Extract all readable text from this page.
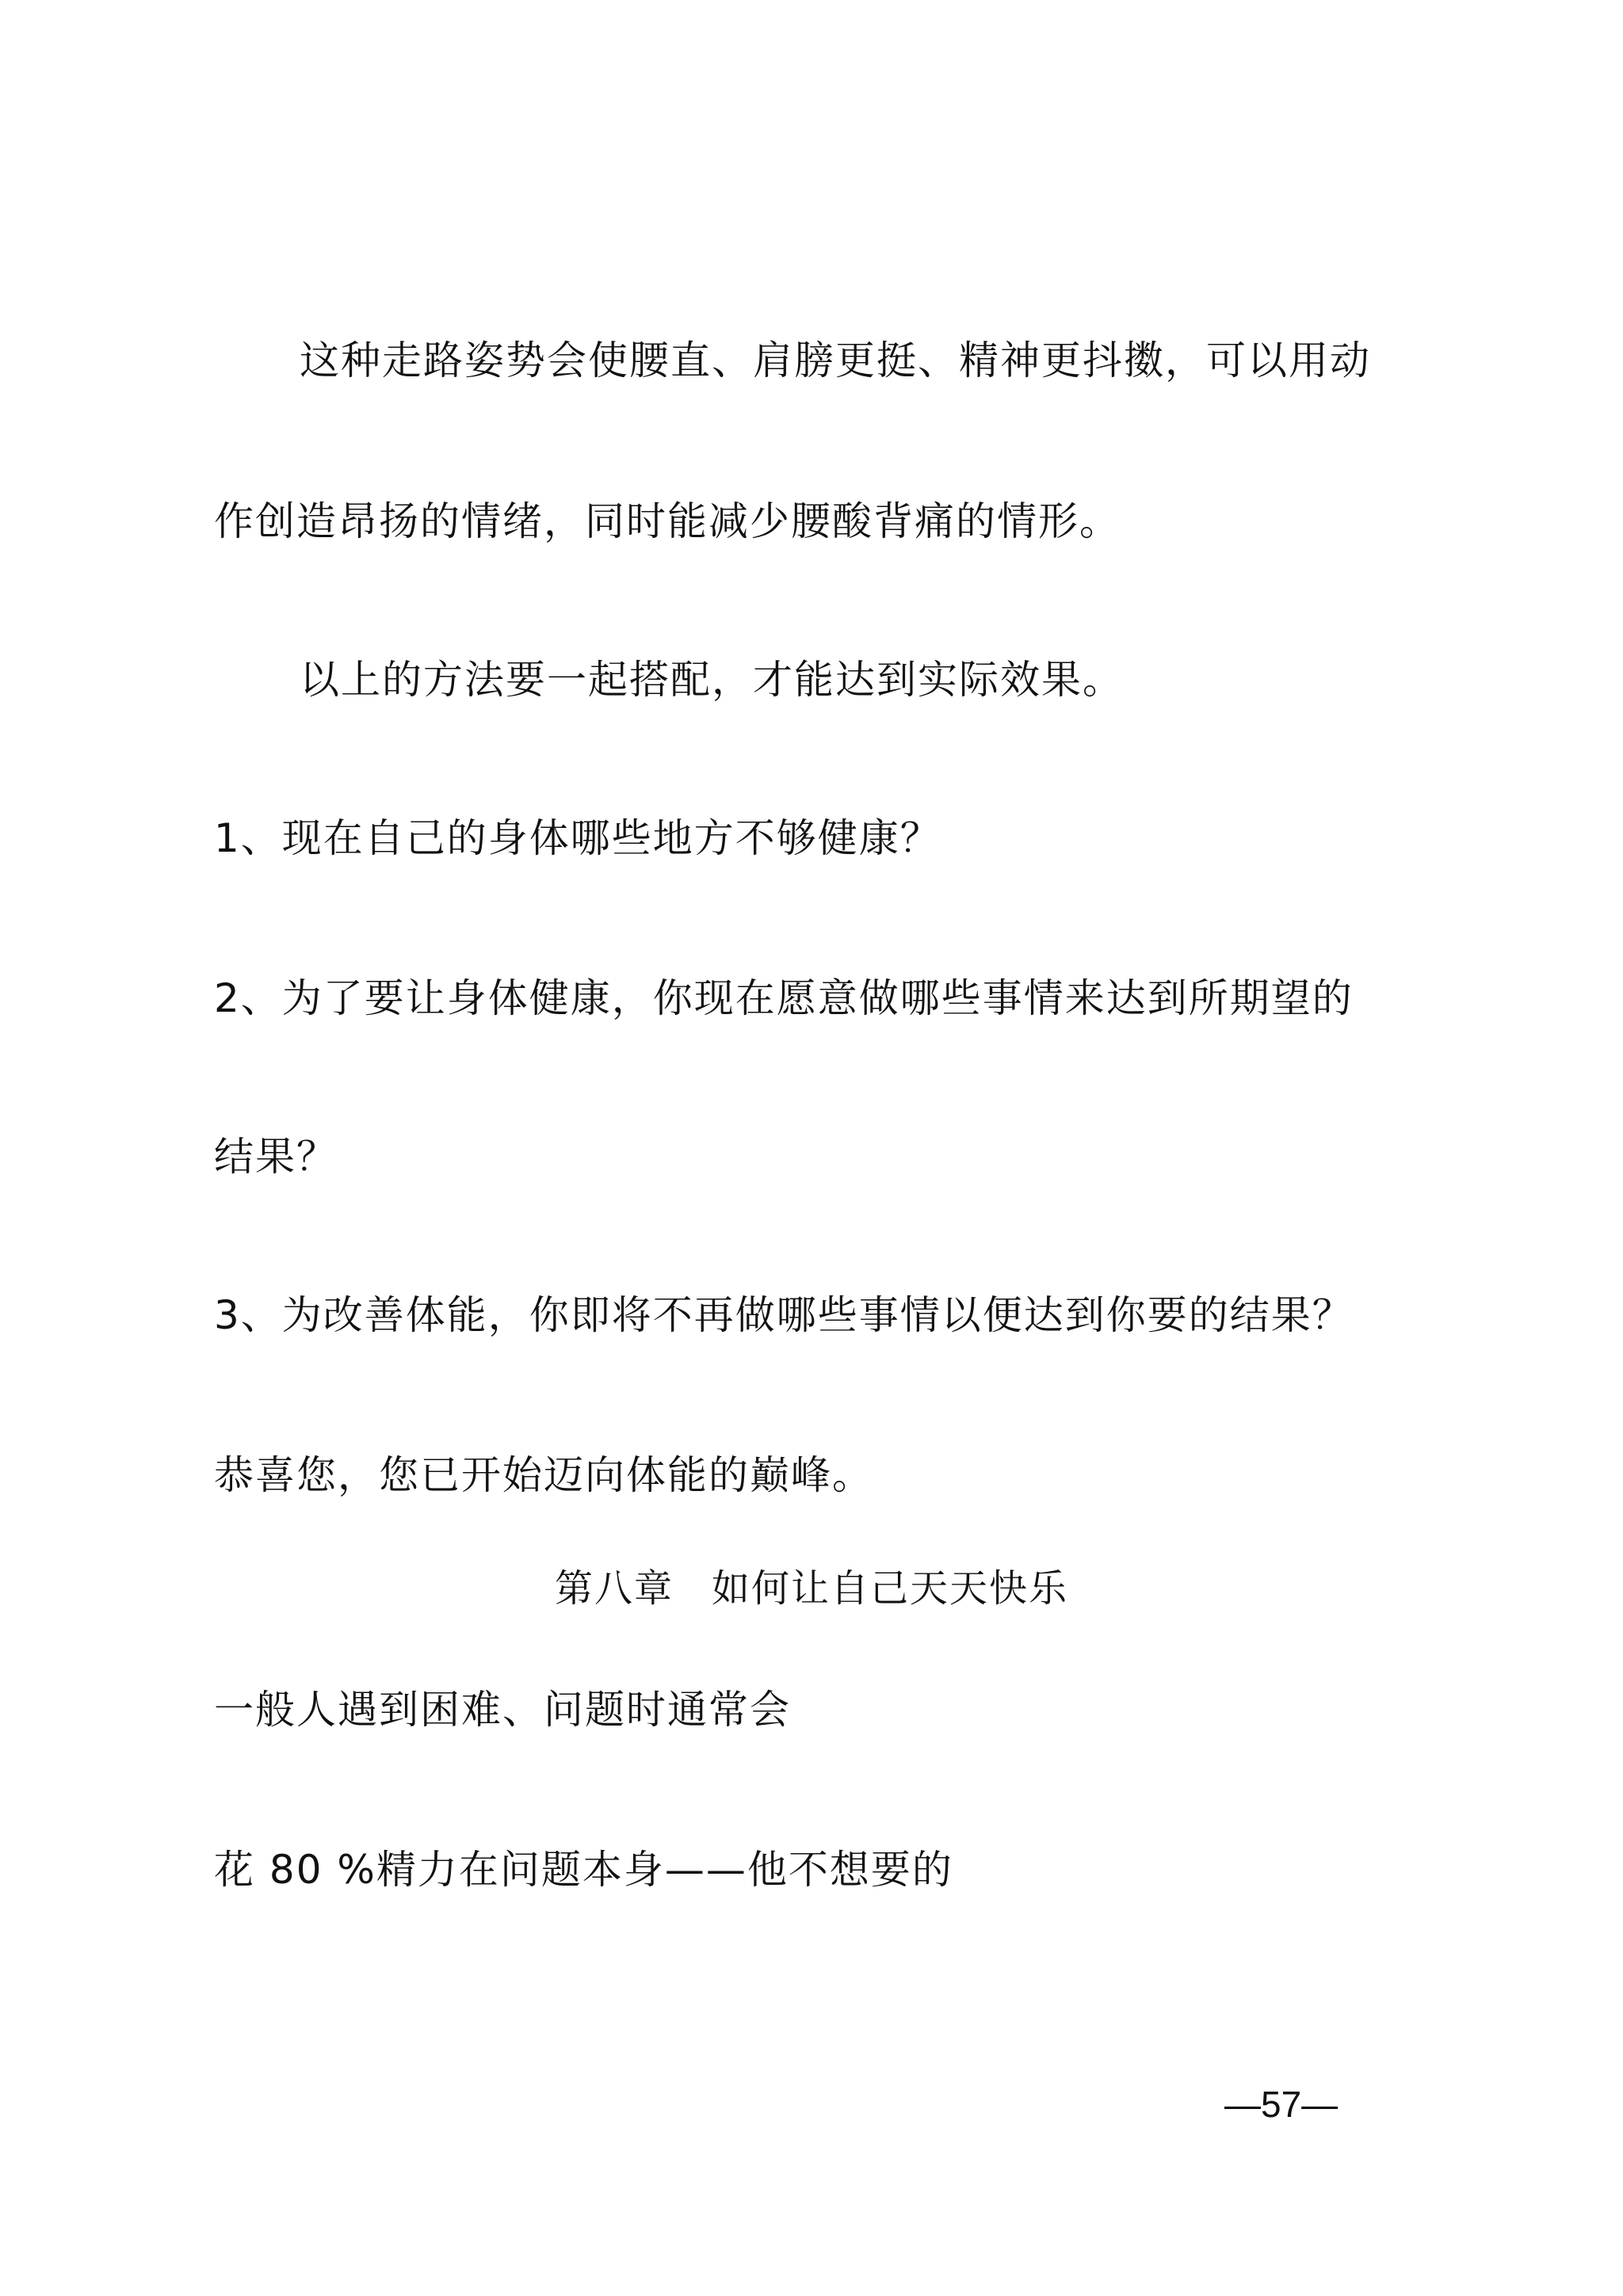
这种走路姿势会使腰直、肩膀更挺、精神更抖擞，可以用动
作创造昂扬的情绪，同时能减少腰酸背痛的情形。
以上的方法要一起搭配，才能达到实际效果。
1、现在自己的身体哪些地方不够健康？
2、为了要让身体健康，你现在愿意做哪些事情来达到所期望的
结果？
3、为改善体能，你即将不再做哪些事情以便达到你要的结果？
恭喜您，您已开始迈向体能的巅峰。
第八章 如何让自己天天快乐
一般人遇到困难、问题时通常会
花 80 %精力在问题本身——他不想要的
—57—
